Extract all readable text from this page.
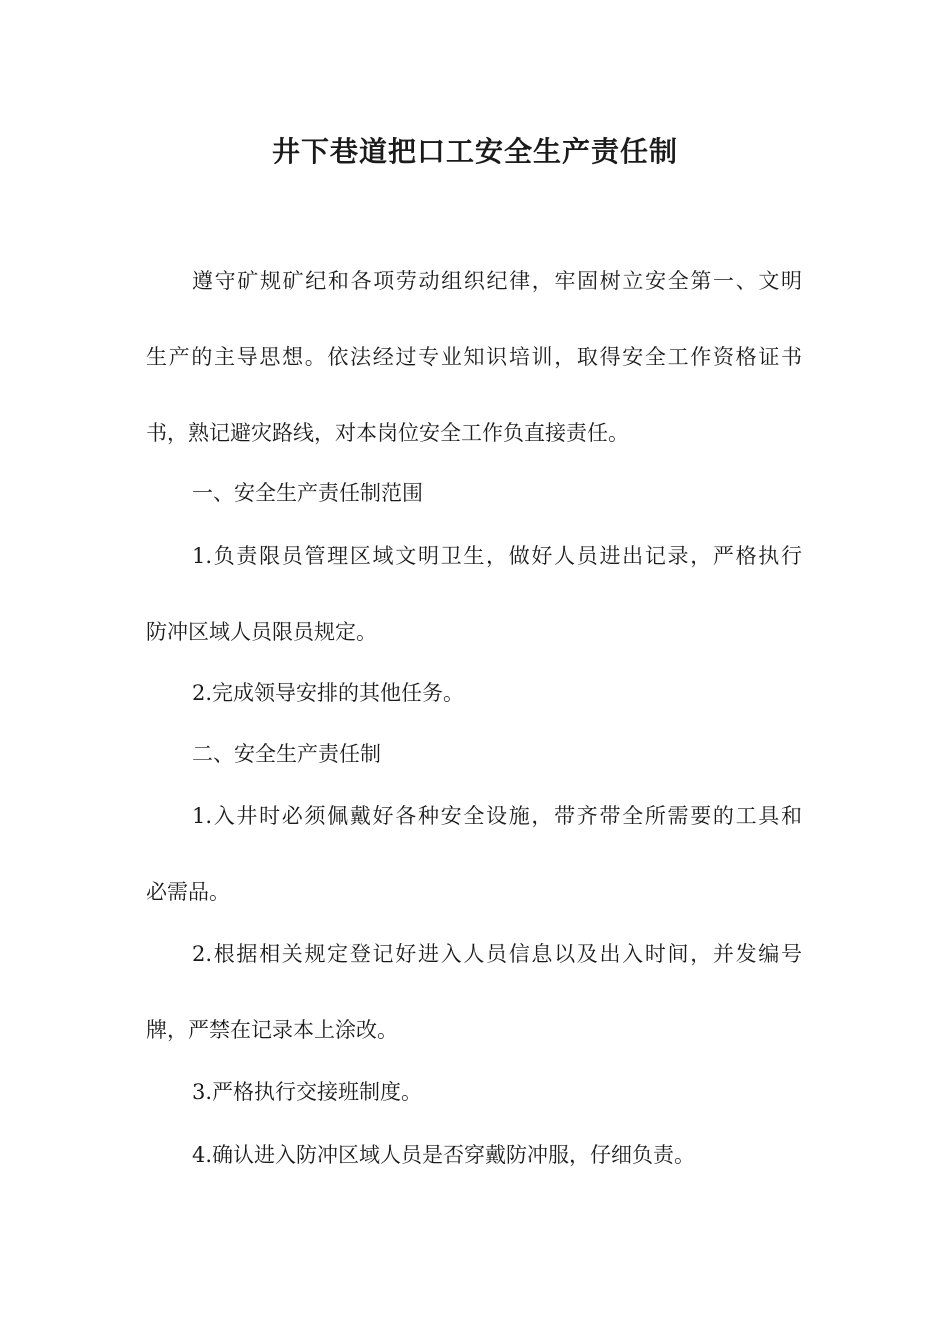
井下巷道把口工安全生产责任制

遵守矿规矿纪和各项劳动组织纪律，牢固树立安全第一、文明

生产的主导思想。依法经过专业知识培训，取得安全工作资格证书

书，熟记避灾路线，对本岗位安全工作负直接责任。

一、安全生产责任制范围

1.负责限员管理区域文明卫生，做好人员进出记录，严格执行

防冲区域人员限员规定。

2.完成领导安排的其他任务。

二、安全生产责任制

1.入井时必须佩戴好各种安全设施，带齐带全所需要的工具和

必需品。

2.根据相关规定登记好进入人员信息以及出入时间，并发编号

牌，严禁在记录本上涂改。

3.严格执行交接班制度。

4.确认进入防冲区域人员是否穿戴防冲服，仔细负责。
